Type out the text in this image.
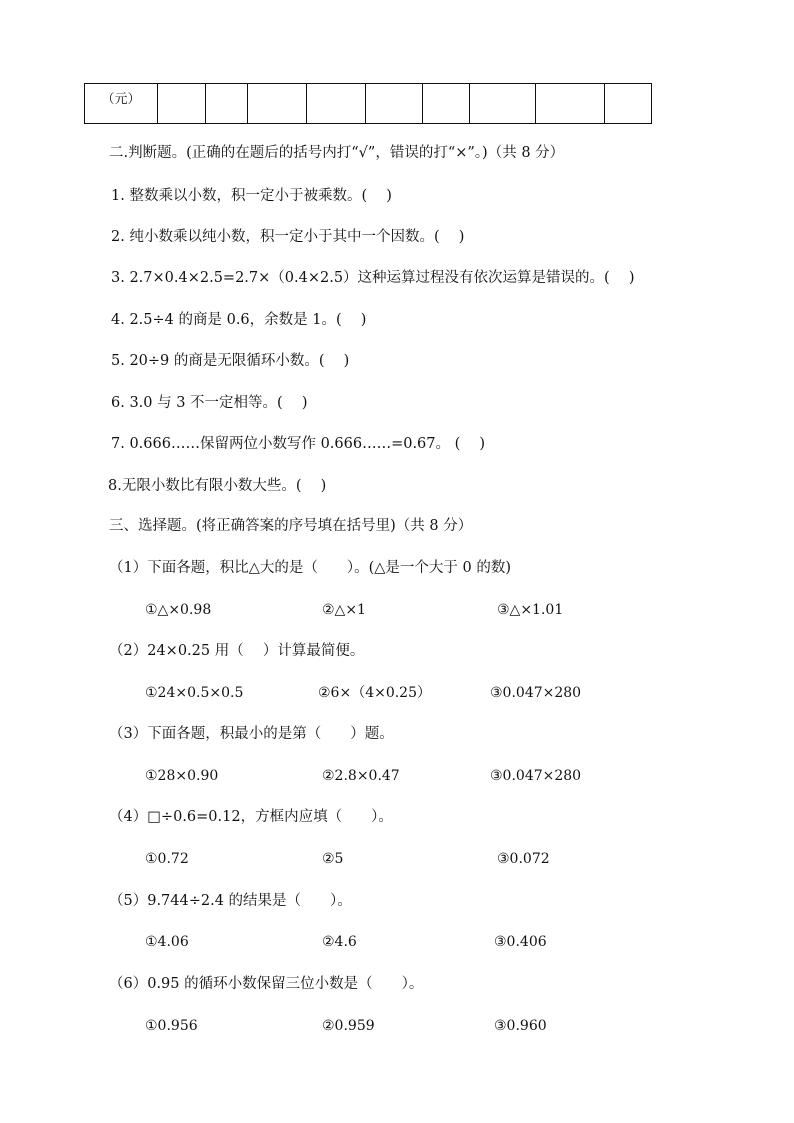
（元）									
二.判断题。(正确的在题后的括号内打“√”，错误的打“×”。)（共 8 分）
1. 整数乘以小数，积一定小于被乘数。(　 )
2. 纯小数乘以纯小数，积一定小于其中一个因数。(　 )
3. 2.7×0.4×2.5=2.7×（0.4×2.5）这种运算过程没有依次运算是错误的。(　 )
4. 2.5÷4 的商是 0.6，余数是 1。(　 )
5. 20÷9 的商是无限循环小数。(　 )
6. 3.0 与 3 不一定相等。(　 )
7. 0.666……保留两位小数写作 0.666……=0.67。 (　 )
8.无限小数比有限小数大些。(　 )
三、选择题。(将正确答案的序号填在括号里)（共 8 分）
（1）下面各题，积比△大的是（　　）。(△是一个大于 0 的数)
①△×0.98	②△×1	③△×1.01
（2）24×0.25 用（　 ）计算最简便。
①24×0.5×0.5	②6×（4×0.25）	③0.047×280
（3）下面各题，积最小的是第（　　）题。
①28×0.90	②2.8×0.47	③0.047×280
（4）□÷0.6=0.12，方框内应填（　　）。
①0.72	②5	③0.072
（5）9.744÷2.4 的结果是（　　）。
①4.06	②4.6	③0.406
（6）0.95 的循环小数保留三位小数是（　　）。
①0.956	②0.959	③0.960
